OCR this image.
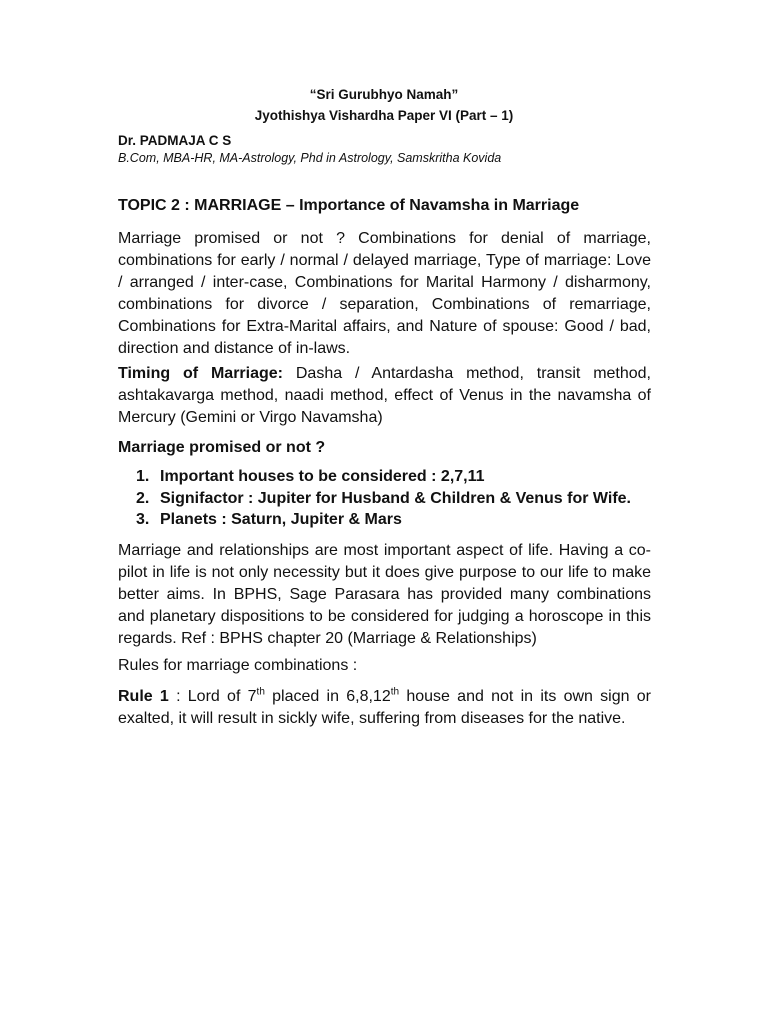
“Sri Gurubhyo Namah”
Jyothishya Vishardha Paper VI (Part – 1)
Dr. PADMAJA C S
B.Com, MBA-HR, MA-Astrology, Phd in Astrology, Samskritha Kovida
TOPIC 2 : MARRIAGE – Importance of Navamsha in Marriage
Marriage promised or not ? Combinations for denial of marriage, combinations for early / normal / delayed marriage, Type of marriage: Love / arranged / inter-case, Combinations for Marital Harmony / disharmony, combinations for divorce / separation, Combinations of remarriage, Combinations for Extra-Marital affairs, and Nature of spouse: Good / bad, direction and distance of in-laws.
Timing of Marriage: Dasha / Antardasha method, transit method, ashtakavarga method, naadi method, effect of Venus in the navamsha of Mercury (Gemini or Virgo Navamsha)
Marriage promised or not ?
1. Important houses to be considered : 2,7,11
2. Signifactor : Jupiter for Husband & Children & Venus for Wife.
3. Planets : Saturn, Jupiter & Mars
Marriage and relationships are most important aspect of life. Having a co-pilot in life is not only necessity but it does give purpose to our life to make better aims. In BPHS, Sage Parasara has provided many combinations and planetary dispositions to be considered for judging a horoscope in this regards. Ref : BPHS chapter 20 (Marriage & Relationships)
Rules for marriage combinations :
Rule 1 : Lord of 7th placed in 6,8,12th house and not in its own sign or exalted, it will result in sickly wife, suffering from diseases for the native.
